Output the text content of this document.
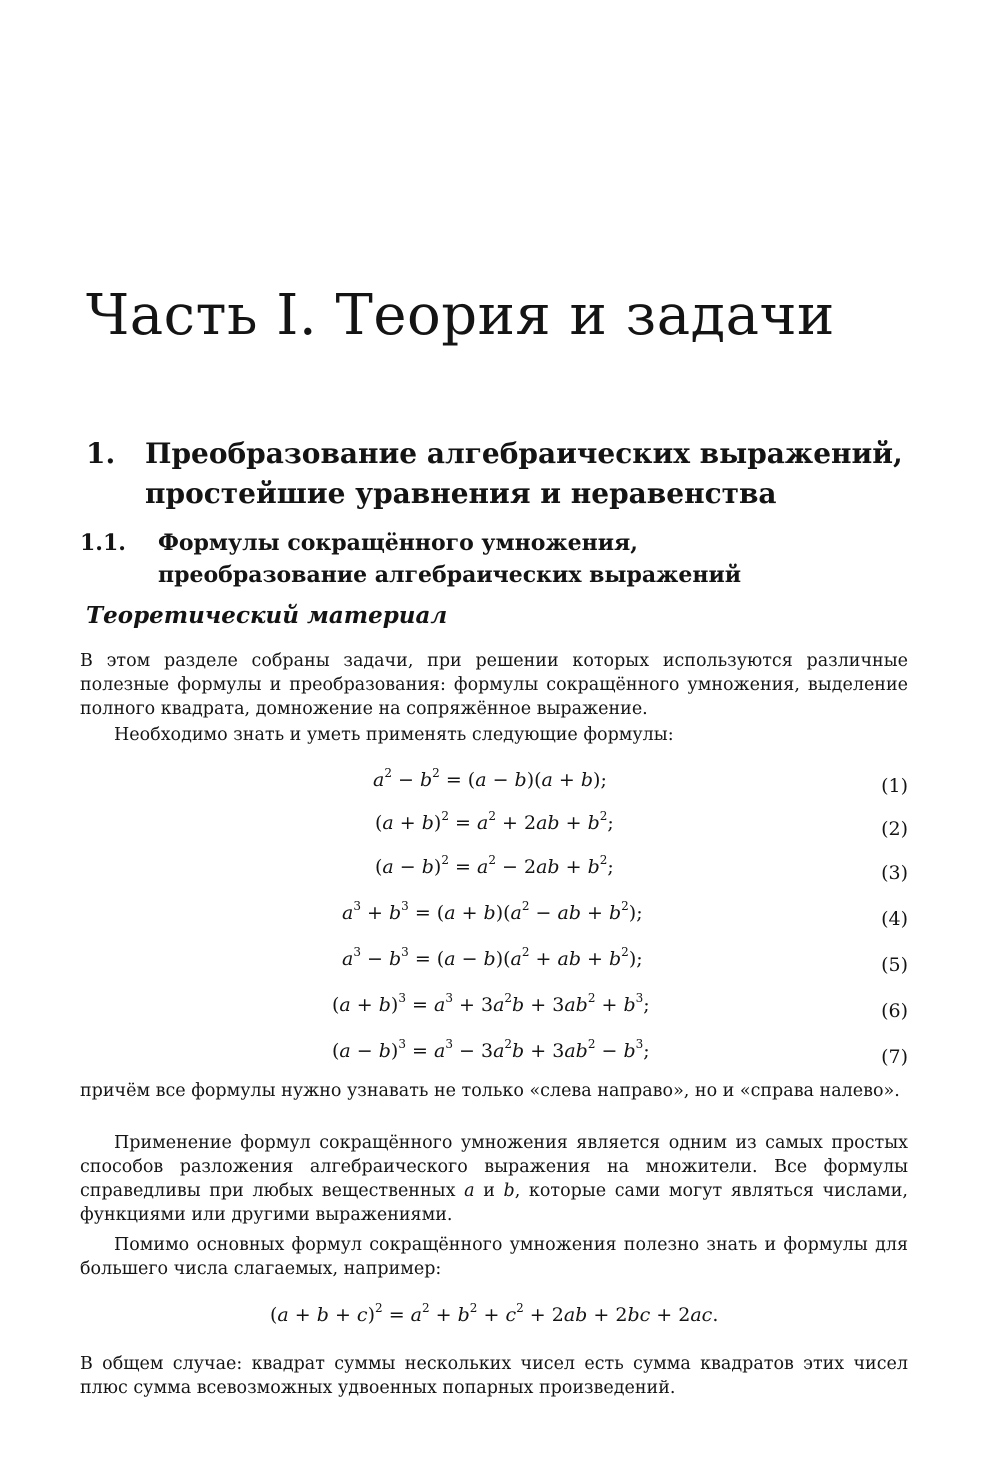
Часть I. Теория и задачи
1. Преобразование алгебраических выражений,
простейшие уравнения и неравенства
1.1. Формулы сокращённого умножения,
преобразование алгебраических выражений
Теоретический материал
В этом разделе собраны задачи, при решении которых используются различные полезные формулы и преобразования: формулы сокращённого умножения, выделение полного квадрата, домножение на сопряжённое выражение.
Необходимо знать и уметь применять следующие формулы:
$a^2 - b^2 = (a - b)(a + b)$;	(1)
$(a + b)^2 = a^2 + 2ab + b^2$;	(2)
$(a - b)^2 = a^2 - 2ab + b^2$;	(3)
$a^3 + b^3 = (a + b)(a^2$ − ab + $b^2$);	(4)
$a^3 - b^3 = (a - b)(a^2$ + ab + $b^2$);	(5)
$(a + b)^3 = a^3 + 3a^2b + 3ab^2 + b^3$;	(6)
$(a - b)^3 = a^3 - 3a^2b + 3ab^2 - b^3$;	(7)
причём все формулы нужно узнавать не только «слева направо», но и «справа налево».
Применение формул сокращённого умножения является одним из самых простых способов разложения алгебраического выражения на множители. Все формулы справедливы при любых вещественных a и b, которые сами могут являться числами, функциями или другими выражениями.
Помимо основных формул сокращённого умножения полезно знать и формулы для большего числа слагаемых, например:
$(a + b + c)^2 = a^2 + b^2 + c^2 + 2ab + 2bc + 2ac$.
В общем случае: квадрат суммы нескольких чисел есть сумма квадратов этих чисел плюс сумма всевозможных удвоенных попарных произведений.
